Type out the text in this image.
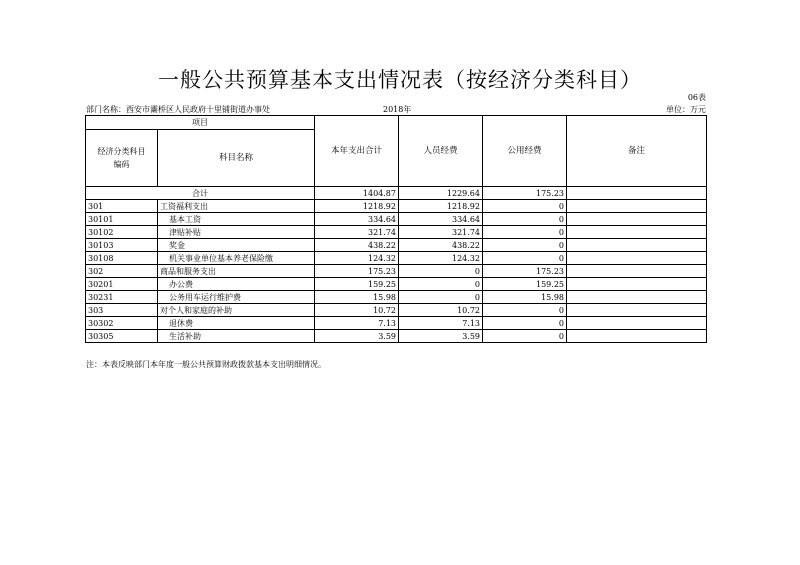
一般公共预算基本支出情况表（按经济分类科目）
06表
部门名称：西安市灞桥区人民政府十里铺街道办事处	2018年	单位：万元
项目		本年支出合计	人员经费	公用经费	备注
经济分类科目编码	科目名称				
合计		1404.87	1229.64	175.23	
301	工资福利支出	1218.92	1218.92	0	
30101	基本工资	334.64	334.64	0	
30102	津贴补贴	321.74	321.74	0	
30103	奖金	438.22	438.22	0	
30108	机关事业单位基本养老保险缴	124.32	124.32	0	
302	商品和服务支出	175.23	0	175.23	
30201	办公费	159.25	0	159.25	
30231	公务用车运行维护费	15.98	0	15.98	
303	对个人和家庭的补助	10.72	10.72	0	
30302	退休费	7.13	7.13	0	
30305	生活补助	3.59	3.59	0	
注：本表反映部门本年度一般公共预算财政拨款基本支出明细情况。
